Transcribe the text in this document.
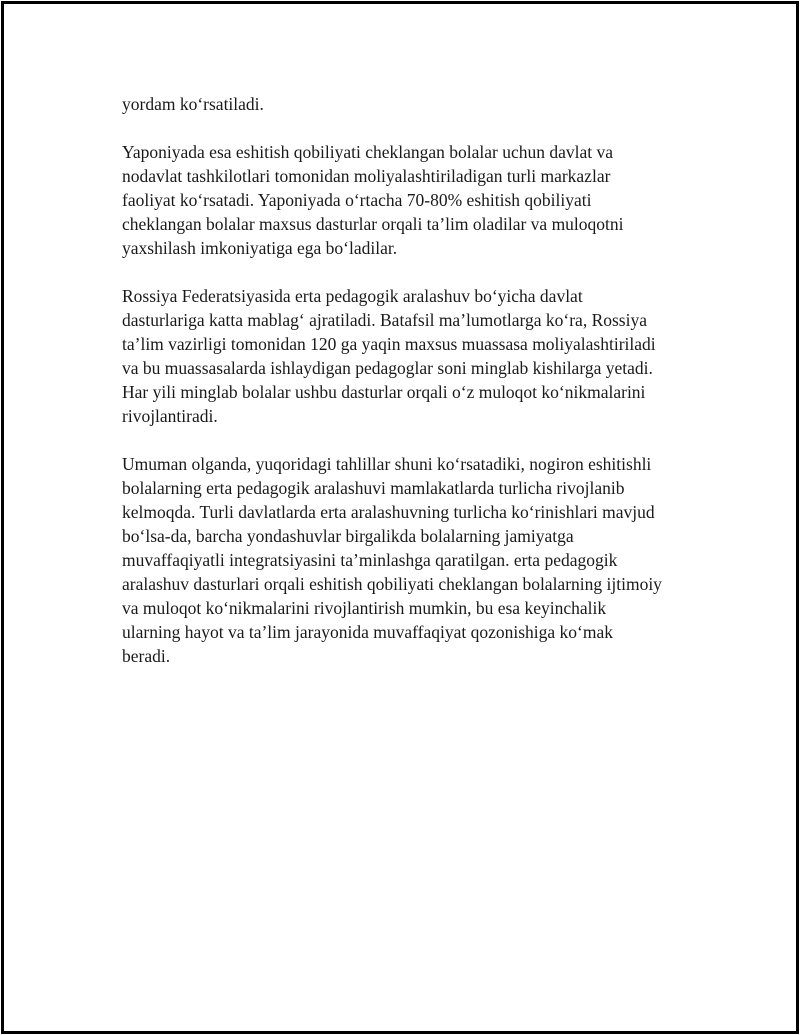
yordam ko‘rsatiladi.

Yaponiyada esa eshitish qobiliyati cheklangan bolalar uchun davlat va
nodavlat tashkilotlari tomonidan moliyalashtiriladigan turli markazlar
faoliyat ko‘rsatadi. Yaponiyada o‘rtacha 70-80% eshitish qobiliyati
cheklangan bolalar maxsus dasturlar orqali ta’lim oladilar va muloqotni
yaxshilash imkoniyatiga ega bo‘ladilar.

Rossiya Federatsiyasida erta pedagogik aralashuv bo‘yicha davlat
dasturlariga katta mablag‘ ajratiladi. Batafsil ma’lumotlarga ko‘ra, Rossiya
ta’lim vazirligi tomonidan 120 ga yaqin maxsus muassasa moliyalashtiriladi
va bu muassasalarda ishlaydigan pedagoglar soni minglab kishilarga yetadi.
Har yili minglab bolalar ushbu dasturlar orqali o‘z muloqot ko‘nikmalarini
rivojlantiradi.

Umuman olganda, yuqoridagi tahlillar shuni ko‘rsatadiki, nogiron eshitishli
bolalarning erta pedagogik aralashuvi mamlakatlarda turlicha rivojlanib
kelmoqda. Turli davlatlarda erta aralashuvning turlicha ko‘rinishlari mavjud
bo‘lsa-da, barcha yondashuvlar birgalikda bolalarning jamiyatga
muvaffaqiyatli integratsiyasini ta’minlashga qaratilgan. erta pedagogik
aralashuv dasturlari orqali eshitish qobiliyati cheklangan bolalarning ijtimoiy
va muloqot ko‘nikmalarini rivojlantirish mumkin, bu esa keyinchalik
ularning hayot va ta’lim jarayonida muvaffaqiyat qozonishiga ko‘mak
beradi.
